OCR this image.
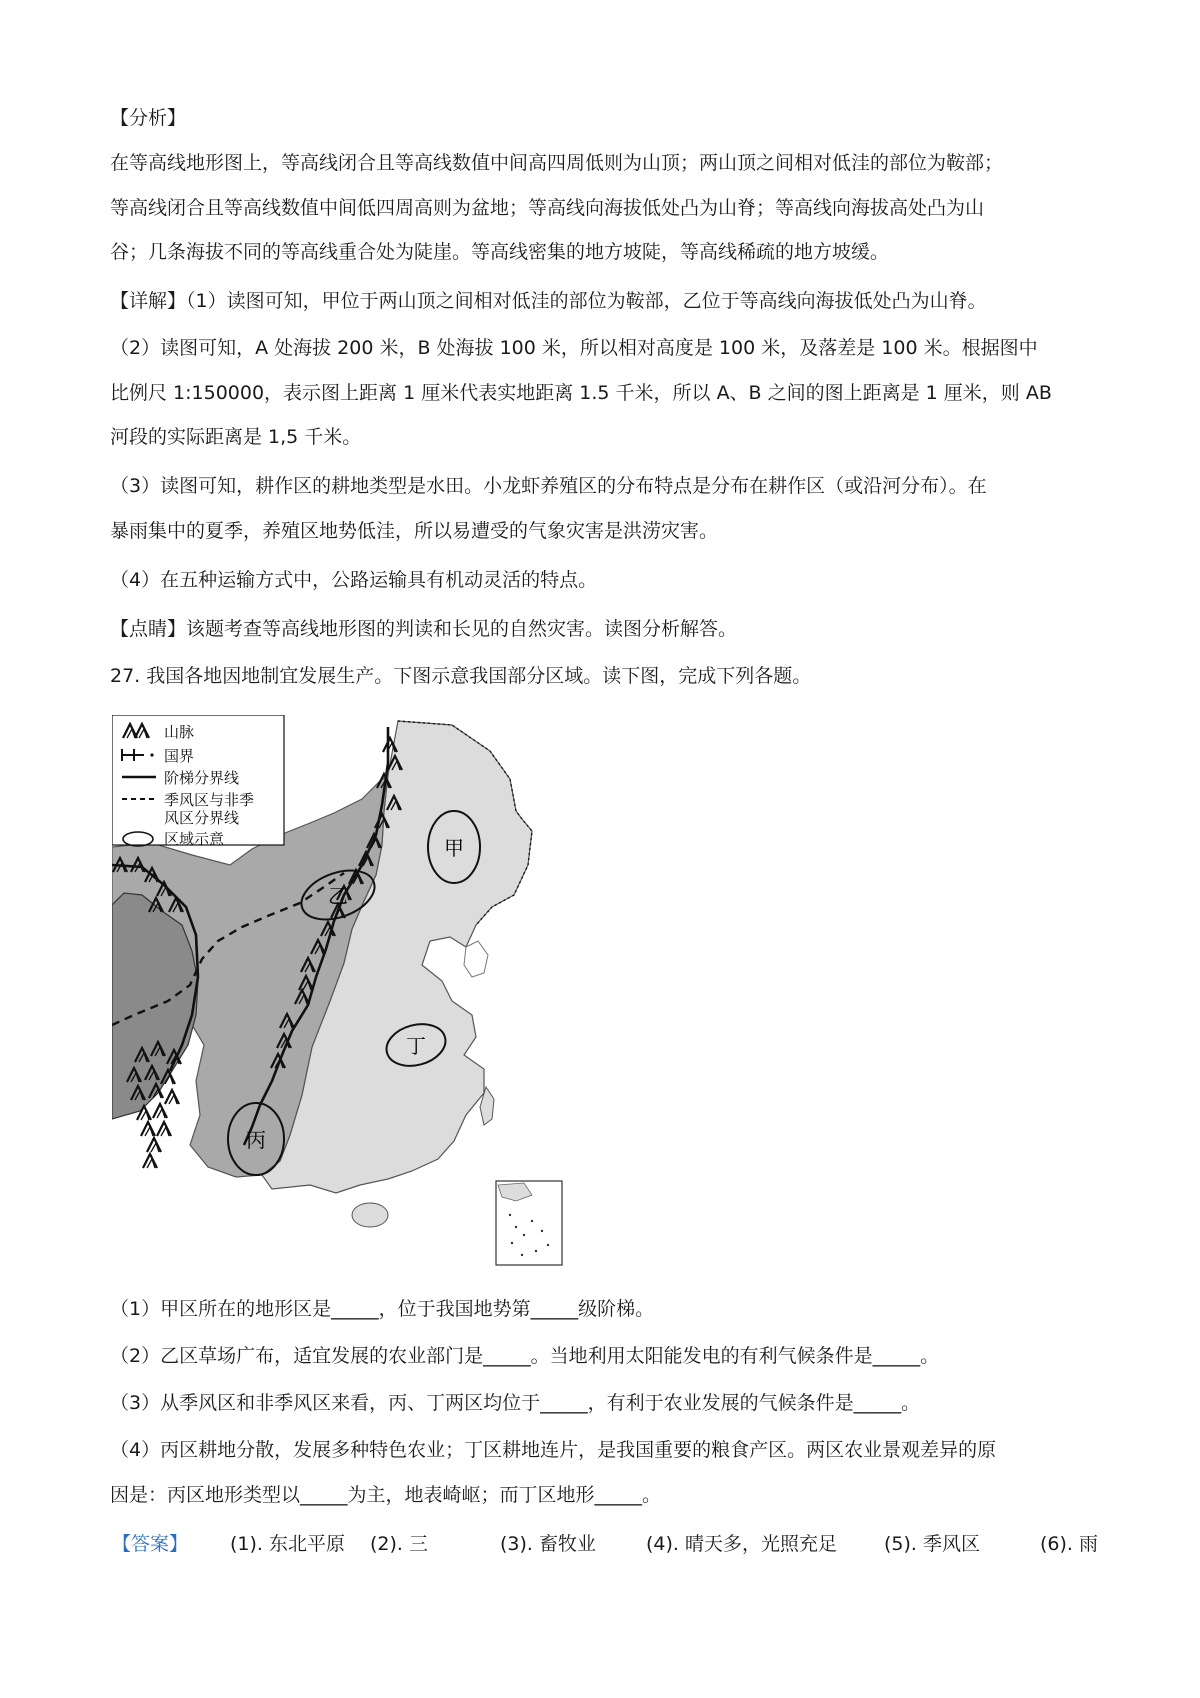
【分析】
在等高线地形图上，等高线闭合且等高线数值中间高四周低则为山顶；两山顶之间相对低洼的部位为鞍部；
等高线闭合且等高线数值中间低四周高则为盆地；等高线向海拔低处凸为山脊；等高线向海拔高处凸为山
谷；几条海拔不同的等高线重合处为陡崖。等高线密集的地方坡陡，等高线稀疏的地方坡缓。
【详解】（1）读图可知，甲位于两山顶之间相对低洼的部位为鞍部，乙位于等高线向海拔低处凸为山脊。
（2）读图可知，A 处海拔 200 米，B 处海拔 100 米，所以相对高度是 100 米，及落差是 100 米。根据图中
比例尺 1:150000，表示图上距离 1 厘米代表实地距离 1.5 千米，所以 A、B 之间的图上距离是 1 厘米，则 AB
河段的实际距离是 1,5 千米。
（3）读图可知，耕作区的耕地类型是水田。小龙虾养殖区的分布特点是分布在耕作区（或沿河分布）。在
暴雨集中的夏季，养殖区地势低洼，所以易遭受的气象灾害是洪涝灾害。
（4）在五种运输方式中，公路运输具有机动灵活的特点。
【点睛】该题考查等高线地形图的判读和长见的自然灾害。读图分析解答。
27. 我国各地因地制宜发展生产。下图示意我国部分区域。读下图，完成下列各题。
甲
乙
丙
丁
山脉
国界
阶梯分界线
季风区与非季
风区分界线
区域示意
（1）甲区所在的地形区是_____，位于我国地势第_____级阶梯。
（2）乙区草场广布，适宜发展的农业部门是_____。当地利用太阳能发电的有利气候条件是_____。
（3）从季风区和非季风区来看，丙、丁两区均位于_____，有利于农业发展的气候条件是_____。
（4）丙区耕地分散，发展多种特色农业；丁区耕地连片，是我国重要的粮食产区。两区农业景观差异的原
因是：丙区地形类型以_____为主，地表崎岖；而丁区地形_____。
【答案】 (1). 东北平原 (2). 三	(3). 畜牧业	(4). 晴天多，光照充足 (5). 季风区	(6). 雨
